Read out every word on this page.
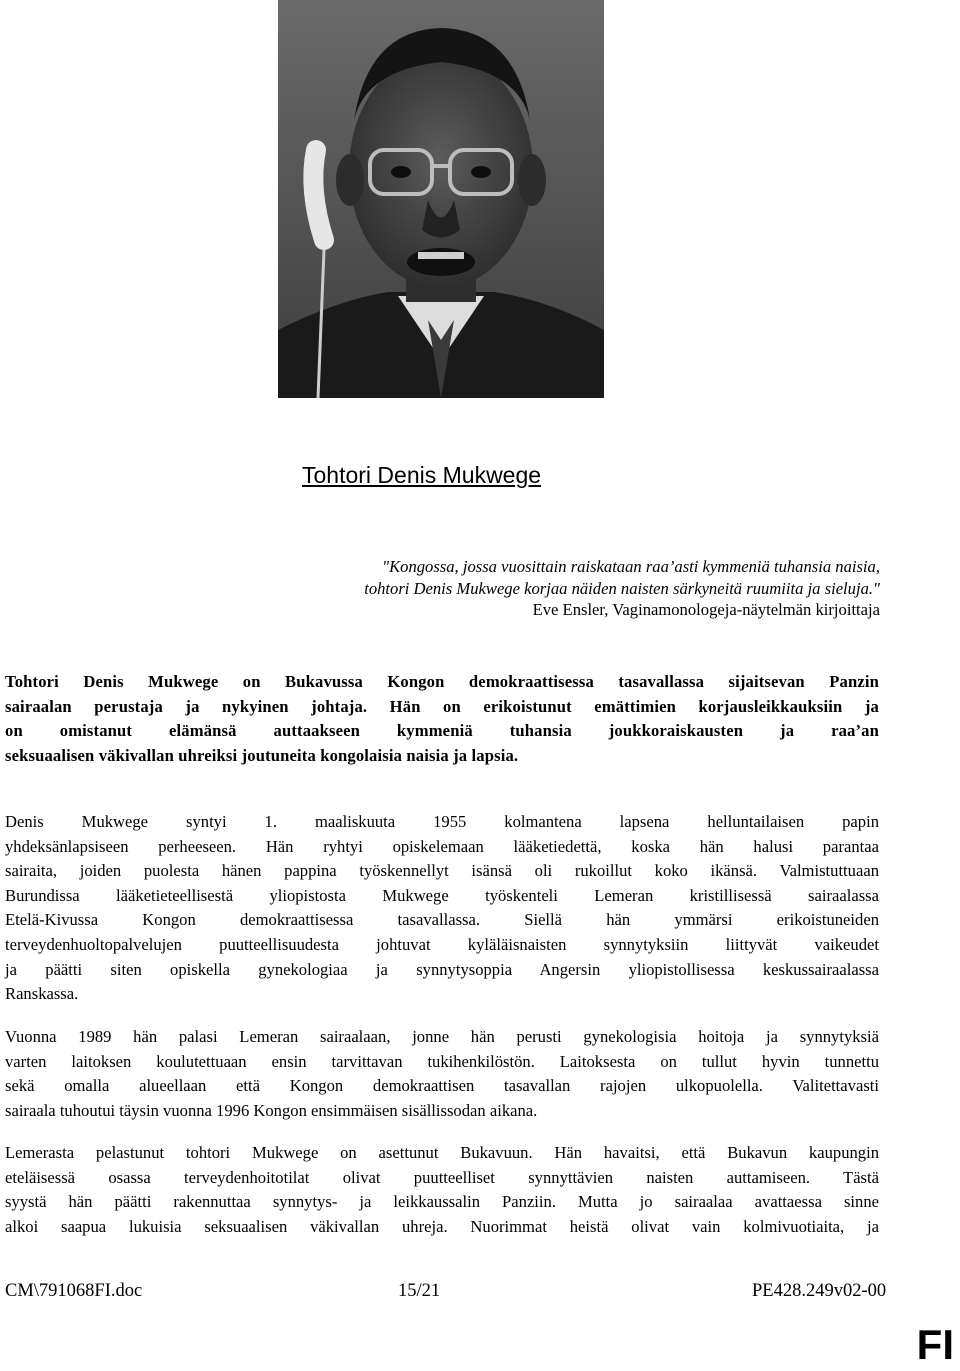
Tohtori Denis Mukwege
"Kongossa, jossa vuosittain raiskataan raa’asti kymmeniä tuhansia naisia,
tohtori Denis Mukwege korjaa näiden naisten särkyneitä ruumiita ja sieluja."
Eve Ensler, Vaginamonologeja-näytelmän kirjoittaja
Tohtori Denis Mukwege on Bukavussa Kongon demokraattisessa tasavallassa sijaitsevan Panzin
sairaalan perustaja ja nykyinen johtaja. Hän on erikoistunut emättimien korjausleikkauksiin ja
on omistanut elämänsä auttaakseen kymmeniä tuhansia joukkoraiskausten ja raa’an
seksuaalisen väkivallan uhreiksi joutuneita kongolaisia naisia ja lapsia.
Denis Mukwege syntyi 1. maaliskuuta 1955 kolmantena lapsena helluntailaisen papin
yhdeksänlapsiseen perheeseen. Hän ryhtyi opiskelemaan lääketiedettä, koska hän halusi parantaa
sairaita, joiden puolesta hänen pappina työskennellyt isänsä oli rukoillut koko ikänsä. Valmistuttuaan
Burundissa lääketieteellisestä yliopistosta Mukwege työskenteli Lemeran kristillisessä sairaalassa
Etelä-Kivussa Kongon demokraattisessa tasavallassa. Siellä hän ymmärsi erikoistuneiden
terveydenhuoltopalvelujen puutteellisuudesta johtuvat kyläläisnaisten synnytyksiin liittyvät vaikeudet
ja päätti siten opiskella gynekologiaa ja synnytysoppia Angersin yliopistollisessa keskussairaalassa
Ranskassa.
Vuonna 1989 hän palasi Lemeran sairaalaan, jonne hän perusti gynekologisia hoitoja ja synnytyksiä
varten laitoksen koulutettuaan ensin tarvittavan tukihenkilöstön. Laitoksesta on tullut hyvin tunnettu
sekä omalla alueellaan että Kongon demokraattisen tasavallan rajojen ulkopuolella. Valitettavasti
sairaala tuhoutui täysin vuonna 1996 Kongon ensimmäisen sisällissodan aikana.
Lemerasta pelastunut tohtori Mukwege on asettunut Bukavuun. Hän havaitsi, että Bukavun kaupungin
eteläisessä osassa terveydenhoitotilat olivat puutteelliset synnyttävien naisten auttamiseen. Tästä
syystä hän päätti rakennuttaa synnytys- ja leikkaussalin Panziin. Mutta jo sairaalaa avattaessa sinne
alkoi saapua lukuisia seksuaalisen väkivallan uhreja. Nuorimmat heistä olivat vain kolmivuotiaita, ja
CM\791068FI.doc	15/21	PE428.249v02-00
FI
